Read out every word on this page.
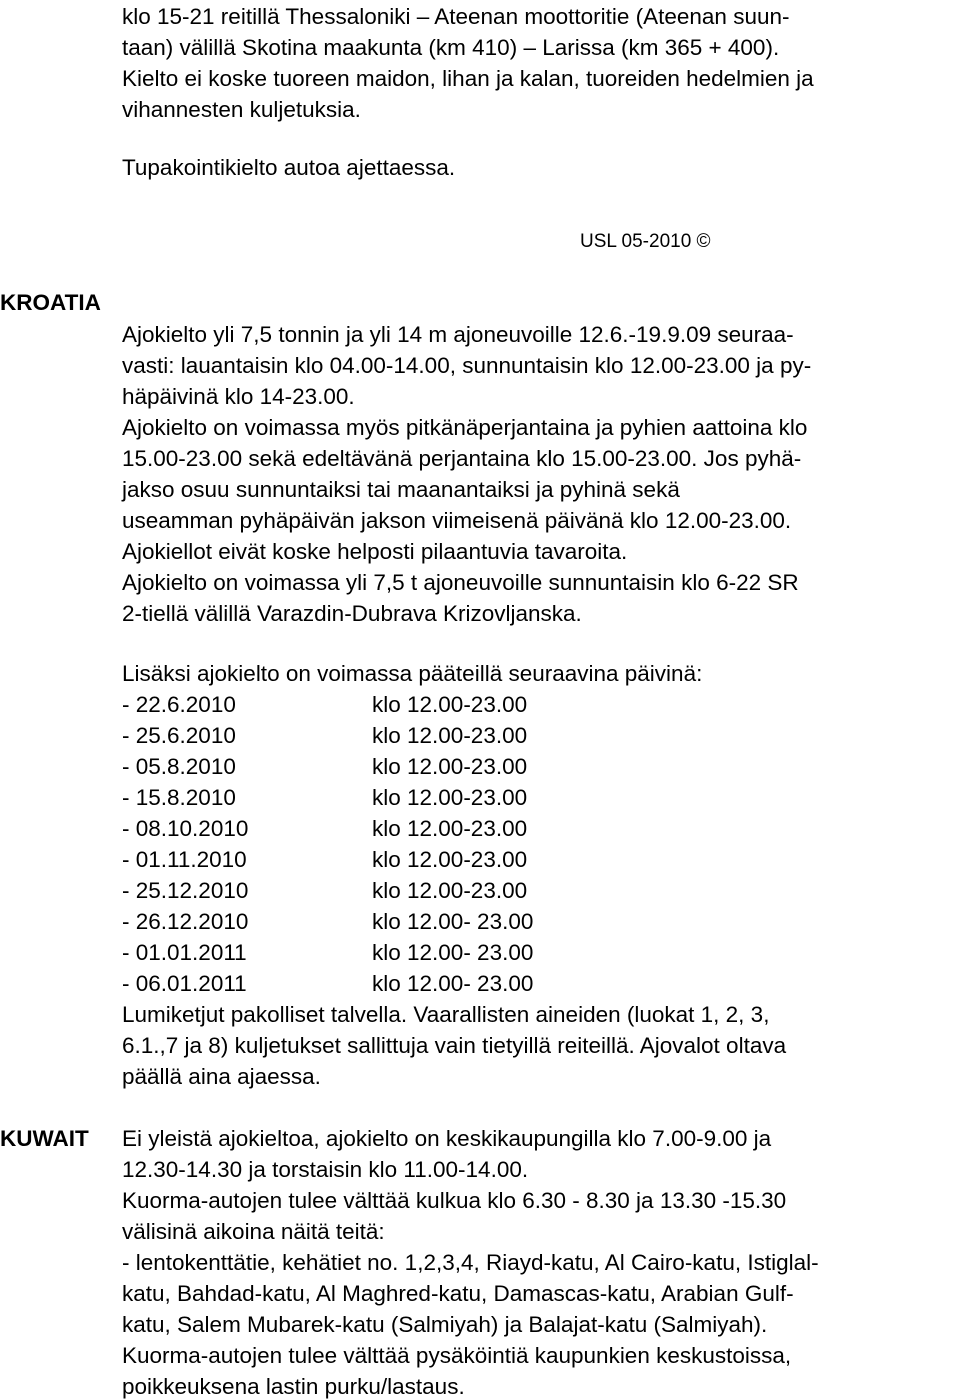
klo 15-21 reitillä Thessaloniki – Ateenan moottoritie (Ateenan suun-
taan) välillä Skotina maakunta (km 410) – Larissa (km 365 + 400).
Kielto ei koske tuoreen maidon, lihan ja kalan, tuoreiden hedelmien ja
vihannesten kuljetuksia.
Tupakointikielto autoa ajettaessa.
USL 05-2010 ©
KROATIA
Ajokielto yli 7,5 tonnin ja yli 14 m ajoneuvoille 12.6.-19.9.09 seuraa-
vasti: lauantaisin klo 04.00-14.00, sunnuntaisin klo 12.00-23.00 ja py-
häpäivinä klo 14-23.00.
Ajokielto on voimassa myös pitkänäperjantaina ja pyhien aattoina klo
15.00-23.00 sekä edeltävänä perjantaina klo 15.00-23.00. Jos pyhä-
jakso osuu sunnuntaiksi tai maanantaiksi ja pyhinä sekä
useamman pyhäpäivän jakson viimeisenä päivänä klo 12.00-23.00.
Ajokiellot eivät koske helposti pilaantuvia tavaroita.
Ajokielto on voimassa yli 7,5 t ajoneuvoille sunnuntaisin klo 6-22 SR
2-tiellä välillä Varazdin-Dubrava Krizovljanska.
Lisäksi ajokielto on voimassa pääteillä seuraavina päivinä:
- 22.6.2010	klo 12.00-23.00
- 25.6.2010	klo 12.00-23.00
- 05.8.2010	klo 12.00-23.00
- 15.8.2010	klo 12.00-23.00
- 08.10.2010	klo 12.00-23.00
- 01.11.2010	klo 12.00-23.00
- 25.12.2010	klo 12.00-23.00
- 26.12.2010	klo 12.00- 23.00
- 01.01.2011	klo 12.00- 23.00
- 06.01.2011	klo 12.00- 23.00
Lumiketjut pakolliset talvella. Vaarallisten aineiden (luokat 1, 2, 3,
6.1.,7 ja 8) kuljetukset sallittuja vain tietyillä reiteillä. Ajovalot oltava
päällä aina ajaessa.
KUWAIT Ei yleistä ajokieltoa, ajokielto on keskikaupungilla klo 7.00-9.00 ja
12.30-14.30 ja torstaisin klo 11.00-14.00.
Kuorma-autojen tulee välttää kulkua klo 6.30 - 8.30 ja 13.30 -15.30
välisinä aikoina näitä teitä:
- lentokenttätie, kehätiet no. 1,2,3,4, Riayd-katu, Al Cairo-katu, Istiglal-
katu, Bahdad-katu, Al Maghred-katu, Damascas-katu, Arabian Gulf-
katu, Salem Mubarek-katu (Salmiyah) ja Balajat-katu (Salmiyah).
Kuorma-autojen tulee välttää pysäköintiä kaupunkien keskustoissa,
poikkeuksena lastin purku/lastaus.
